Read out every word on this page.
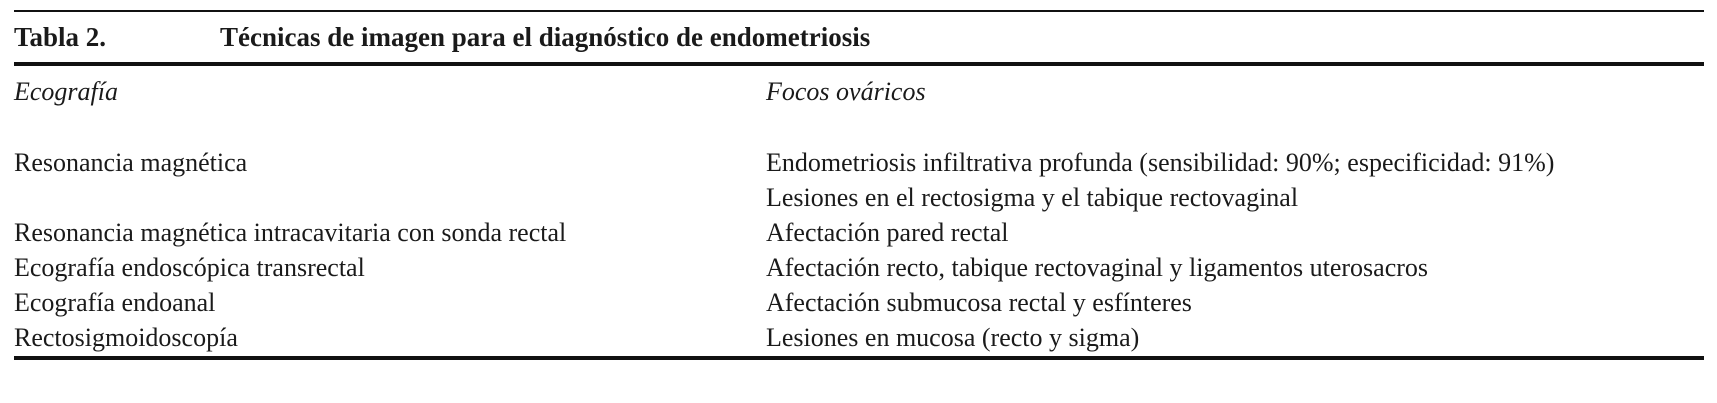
Tabla 2.	Técnicas de imagen para el diagnóstico de endometriosis
Ecografía	Focos ováricos
Resonancia magnética	Endometriosis infiltrativa profunda (sensibilidad: 90%; especificidad: 91%)
Lesiones en el rectosigma y el tabique rectovaginal
Resonancia magnética intracavitaria con sonda rectal	Afectación pared rectal
Ecografía endoscópica transrectal	Afectación recto, tabique rectovaginal y ligamentos uterosacros
Ecografía endoanal	Afectación submucosa rectal y esfínteres
Rectosigmoidoscopía	Lesiones en mucosa (recto y sigma)
